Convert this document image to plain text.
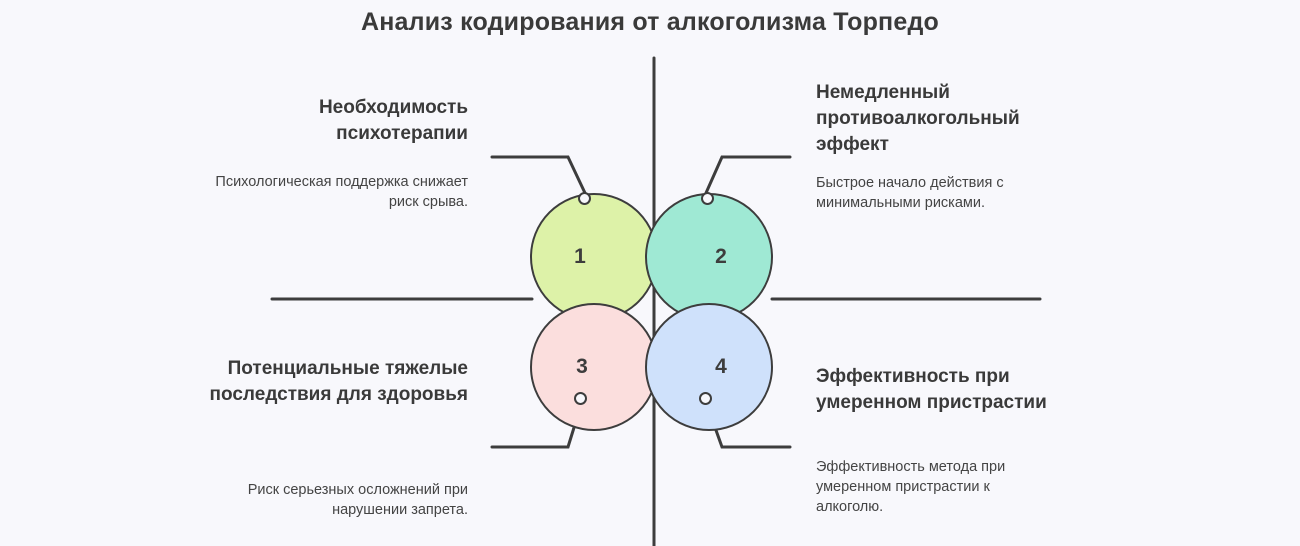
Анализ кодирования от алкоголизма Торпедо
1	2
3	4
Необходимость психотерапии
Психологическая поддержка снижает риск срыва.
Немедленный противоалкогольный эффект
Быстрое начало действия с минимальными рисками.
Потенциальные тяжелые последствия для здоровья
Риск серьезных осложнений при нарушении запрета.
Эффективность при умеренном пристрастии
Эффективность метода при умеренном пристрастии к алкоголю.
